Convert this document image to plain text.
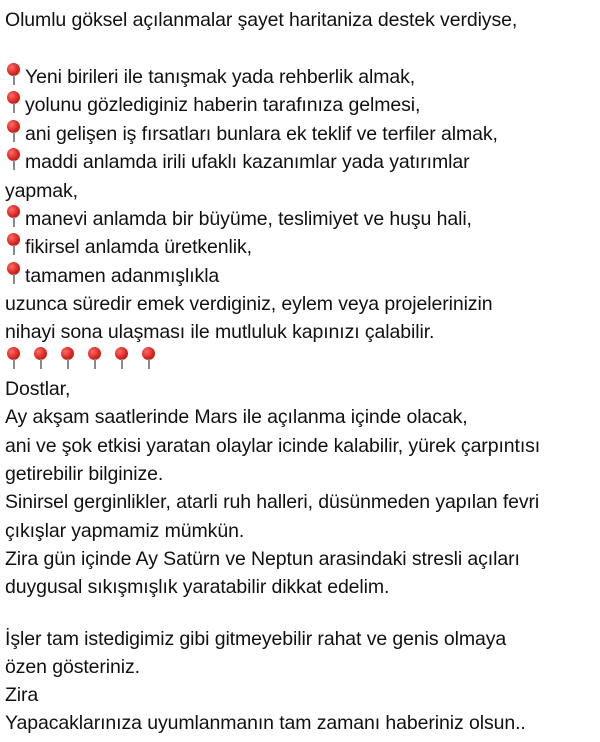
Olumlu göksel açılanmalar şayet haritaniza destek verdiyse,
Yeni birileri ile tanışmak yada rehberlik almak,
yolunu gözlediginiz haberin tarafınıza gelmesi,
ani gelişen iş fırsatları bunlara ek teklif ve terfiler almak,
maddi anlamda irili ufaklı kazanımlar yada yatırımlar
yapmak,
manevi anlamda bir büyüme, teslimiyet ve huşu hali,
fikirsel anlamda üretkenlik,
tamamen adanmışlıkla
uzunca süredir emek verdiginiz, eylem veya projelerinizin
nihayi sona ulaşması ile mutluluk kapınızı çalabilir.
Dostlar,
Ay akşam saatlerinde Mars ile açılanma içinde olacak,
ani ve şok etkisi yaratan olaylar icinde kalabilir, yürek çarpıntısı
getirebilir bilginize.
Sinirsel gerginlikler, atarli ruh halleri, düsünmeden yapılan fevri
çıkışlar yapmamiz mümkün.
Zira gün içinde Ay Satürn ve Neptun arasindaki stresli açıları
duygusal sıkışmışlık yaratabilir dikkat edelim.
İşler tam istedigimiz gibi gitmeyebilir rahat ve genis olmaya
özen gösteriniz.
Zira
Yapacaklarınıza uyumlanmanın tam zamanı haberiniz olsun..
